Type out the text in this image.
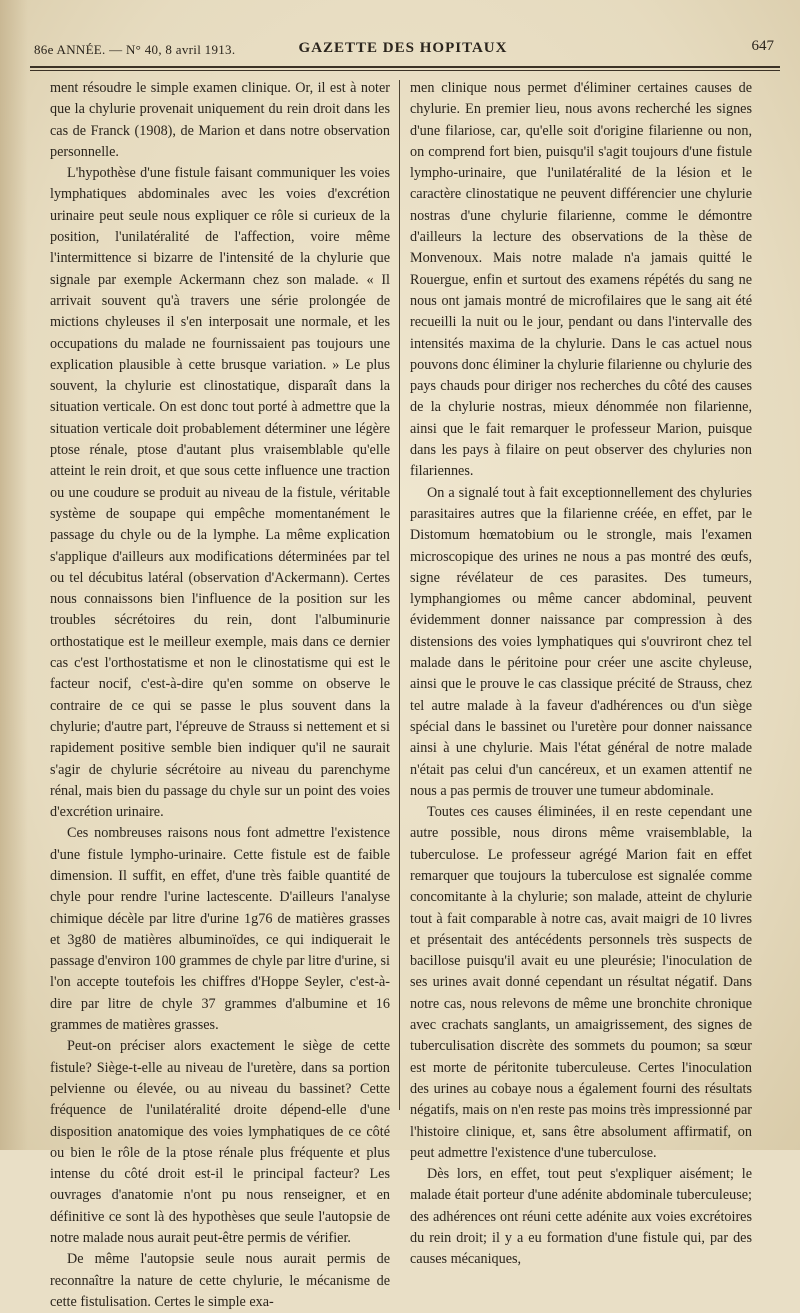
86e ANNÉE. — N° 40, 8 avril 1913.	GAZETTE DES HOPITAUX	647

ment résoudre le simple examen clinique. Or, il est à noter que la chylurie provenait uniquement du rein droit dans les cas de Franck (1908), de Marion et dans notre observation personnelle.

L'hypothèse d'une fistule faisant communiquer les voies lymphatiques abdominales avec les voies d'excrétion urinaire peut seule nous expliquer ce rôle si curieux de la position, l'unilatéralité de l'affection, voire même l'intermittence si bizarre de l'intensité de la chylurie que signale par exemple Ackermann chez son malade. « Il arrivait souvent qu'à travers une série prolongée de mictions chyleuses il s'en interposait une normale, et les occupations du malade ne fournissaient pas toujours une explication plausible à cette brusque variation. » Le plus souvent, la chylurie est clinostatique, disparaît dans la situation verticale. On est donc tout porté à admettre que la situation verticale doit probablement déterminer une légère ptose rénale, ptose d'autant plus vraisemblable qu'elle atteint le rein droit, et que sous cette influence une traction ou une coudure se produit au niveau de la fistule, véritable système de soupape qui empêche momentanément le passage du chyle ou de la lymphe. La même explication s'applique d'ailleurs aux modifications déterminées par tel ou tel décubitus latéral (observation d'Ackermann). Certes nous connaissons bien l'influence de la position sur les troubles sécrétoires du rein, dont l'albuminurie orthostatique est le meilleur exemple, mais dans ce dernier cas c'est l'orthostatisme et non le clinostatisme qui est le facteur nocif, c'est-à-dire qu'en somme on observe le contraire de ce qui se passe le plus souvent dans la chylurie; d'autre part, l'épreuve de Strauss si nettement et si rapidement positive semble bien indiquer qu'il ne saurait s'agir de chylurie sécrétoire au niveau du parenchyme rénal, mais bien du passage du chyle sur un point des voies d'excrétion urinaire.

Ces nombreuses raisons nous font admettre l'existence d'une fistule lympho-urinaire. Cette fistule est de faible dimension. Il suffit, en effet, d'une très faible quantité de chyle pour rendre l'urine lactescente. D'ailleurs l'analyse chimique décèle par litre d'urine 1g76 de matières grasses et 3g80 de matières albuminoïdes, ce qui indiquerait le passage d'environ 100 grammes de chyle par litre d'urine, si l'on accepte toutefois les chiffres d'Hoppe Seyler, c'est-à-dire par litre de chyle 37 grammes d'albumine et 16 grammes de matières grasses.

Peut-on préciser alors exactement le siège de cette fistule? Siège-t-elle au niveau de l'uretère, dans sa portion pelvienne ou élevée, ou au niveau du bassinet? Cette fréquence de l'unilatéralité droite dépend-elle d'une disposition anatomique des voies lymphatiques de ce côté ou bien le rôle de la ptose rénale plus fréquente et plus intense du côté droit est-il le principal facteur? Les ouvrages d'anatomie n'ont pu nous renseigner, et en définitive ce sont là des hypothèses que seule l'autopsie de notre malade nous aurait peut-être permis de vérifier.

De même l'autopsie seule nous aurait permis de reconnaître la nature de cette chylurie, le mécanisme de cette fistulisation. Certes le simple exa-

men clinique nous permet d'éliminer certaines causes de chylurie. En premier lieu, nous avons recherché les signes d'une filariose, car, qu'elle soit d'origine filarienne ou non, on comprend fort bien, puisqu'il s'agit toujours d'une fistule lympho-urinaire, que l'unilatéralité de la lésion et le caractère clinostatique ne peuvent différencier une chylurie nostras d'une chylurie filarienne, comme le démontre d'ailleurs la lecture des observations de la thèse de Monvenoux. Mais notre malade n'a jamais quitté le Rouergue, enfin et surtout des examens répétés du sang ne nous ont jamais montré de microfilaires que le sang ait été recueilli la nuit ou le jour, pendant ou dans l'intervalle des intensités maxima de la chylurie. Dans le cas actuel nous pouvons donc éliminer la chylurie filarienne ou chylurie des pays chauds pour diriger nos recherches du côté des causes de la chylurie nostras, mieux dénommée non filarienne, ainsi que le fait remarquer le professeur Marion, puisque dans les pays à filaire on peut observer des chyluries non filariennes.

On a signalé tout à fait exceptionnellement des chyluries parasitaires autres que la filarienne créée, en effet, par le Distomum hœmatobium ou le strongle, mais l'examen microscopique des urines ne nous a pas montré des œufs, signe révélateur de ces parasites. Des tumeurs, lymphangiomes ou même cancer abdominal, peuvent évidemment donner naissance par compression à des distensions des voies lymphatiques qui s'ouvriront chez tel malade dans le péritoine pour créer une ascite chyleuse, ainsi que le prouve le cas classique précité de Strauss, chez tel autre malade à la faveur d'adhérences ou d'un siège spécial dans le bassinet ou l'uretère pour donner naissance ainsi à une chylurie. Mais l'état général de notre malade n'était pas celui d'un cancéreux, et un examen attentif ne nous a pas permis de trouver une tumeur abdominale.

Toutes ces causes éliminées, il en reste cependant une autre possible, nous dirons même vraisemblable, la tuberculose. Le professeur agrégé Marion fait en effet remarquer que toujours la tuberculose est signalée comme concomitante à la chylurie; son malade, atteint de chylurie tout à fait comparable à notre cas, avait maigri de 10 livres et présentait des antécédents personnels très suspects de bacillose puisqu'il avait eu une pleurésie; l'inoculation de ses urines avait donné cependant un résultat négatif. Dans notre cas, nous relevons de même une bronchite chronique avec crachats sanglants, un amaigrissement, des signes de tuberculisation discrète des sommets du poumon; sa sœur est morte de péritonite tuberculeuse. Certes l'inoculation des urines au cobaye nous a également fourni des résultats négatifs, mais on n'en reste pas moins très impressionné par l'histoire clinique, et, sans être absolument affirmatif, on peut admettre l'existence d'une tuberculose.

Dès lors, en effet, tout peut s'expliquer aisément; le malade était porteur d'une adénite abdominale tuberculeuse; des adhérences ont réuni cette adénite aux voies excrétoires du rein droit; il y a eu formation d'une fistule qui, par des causes mécaniques,
